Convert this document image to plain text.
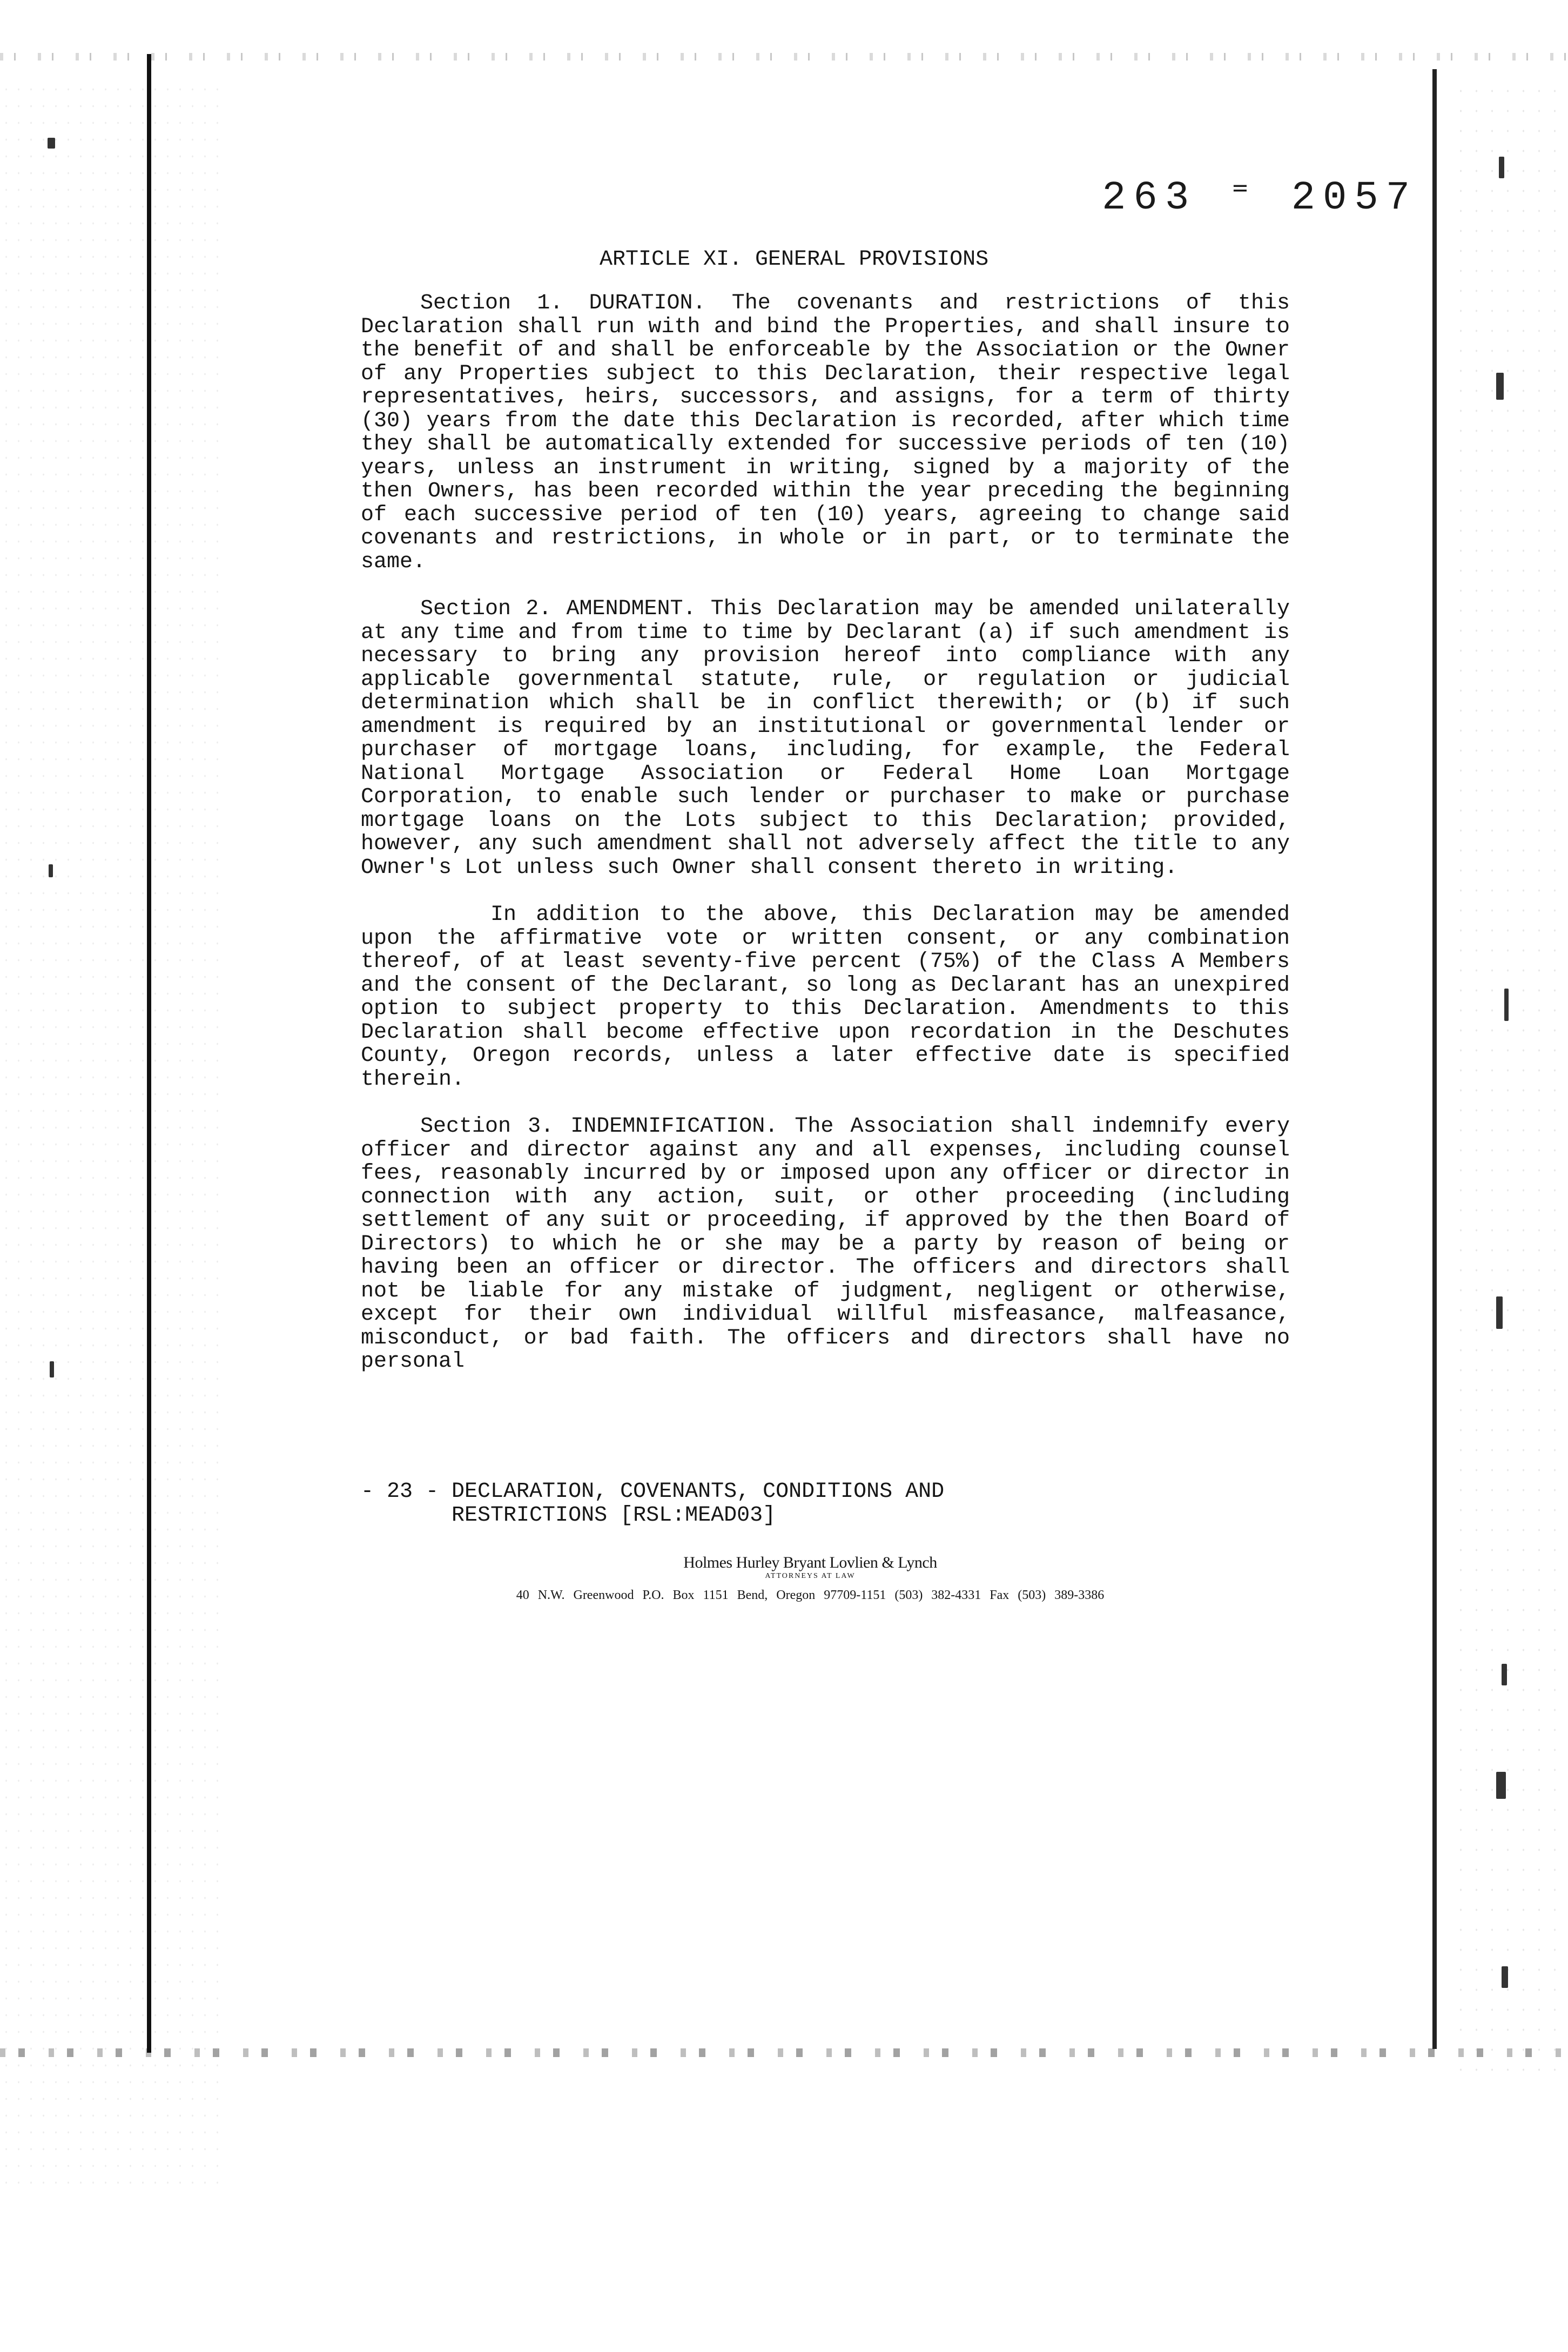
263 ⁼ 2057
ARTICLE XI. GENERAL PROVISIONS

Section 1. DURATION. The covenants and restrictions of this Declaration shall run with and bind the Properties, and shall insure to the benefit of and shall be enforceable by the Association or the Owner of any Properties subject to this Declaration, their respective legal representatives, heirs, successors, and assigns, for a term of thirty (30) years from the date this Declaration is recorded, after which time they shall be automatically extended for successive periods of ten (10) years, unless an instrument in writing, signed by a majority of the then Owners, has been recorded within the year preceding the beginning of each successive period of ten (10) years, agreeing to change said covenants and restrictions, in whole or in part, or to terminate the same.

Section 2. AMENDMENT. This Declaration may be amended unilaterally at any time and from time to time by Declarant (a) if such amendment is necessary to bring any provision hereof into compliance with any applicable governmental statute, rule, or regulation or judicial determination which shall be in conflict therewith; or (b) if such amendment is required by an institutional or governmental lender or purchaser of mortgage loans, including, for example, the Federal National Mortgage Association or Federal Home Loan Mortgage Corporation, to enable such lender or purchaser to make or purchase mortgage loans on the Lots subject to this Declaration; provided, however, any such amendment shall not adversely affect the title to any Owner's Lot unless such Owner shall consent thereto in writing.

In addition to the above, this Declaration may be amended upon the affirmative vote or written consent, or any combination thereof, of at least seventy-five percent (75%) of the Class A Members and the consent of the Declarant, so long as Declarant has an unexpired option to subject property to this Declaration. Amendments to this Declaration shall become effective upon recordation in the Deschutes County, Oregon records, unless a later effective date is specified therein.

Section 3. INDEMNIFICATION. The Association shall indemnify every officer and director against any and all expenses, including counsel fees, reasonably incurred by or imposed upon any officer or director in connection with any action, suit, or other proceeding (including settlement of any suit or proceeding, if approved by the then Board of Directors) to which he or she may be a party by reason of being or having been an officer or director. The officers and directors shall not be liable for any mistake of judgment, negligent or otherwise, except for their own individual willful misfeasance, malfeasance, misconduct, or bad faith. The officers and directors shall have no personal

- 23 - DECLARATION, COVENANTS, CONDITIONS AND
RESTRICTIONS [RSL:MEAD03]
Holmes Hurley Bryant Lovlien & Lynch
ATTORNEYS AT LAW
40 N.W. Greenwood P.O. Box 1151 Bend, Oregon 97709-1151 (503) 382-4331 Fax (503) 389-3386
